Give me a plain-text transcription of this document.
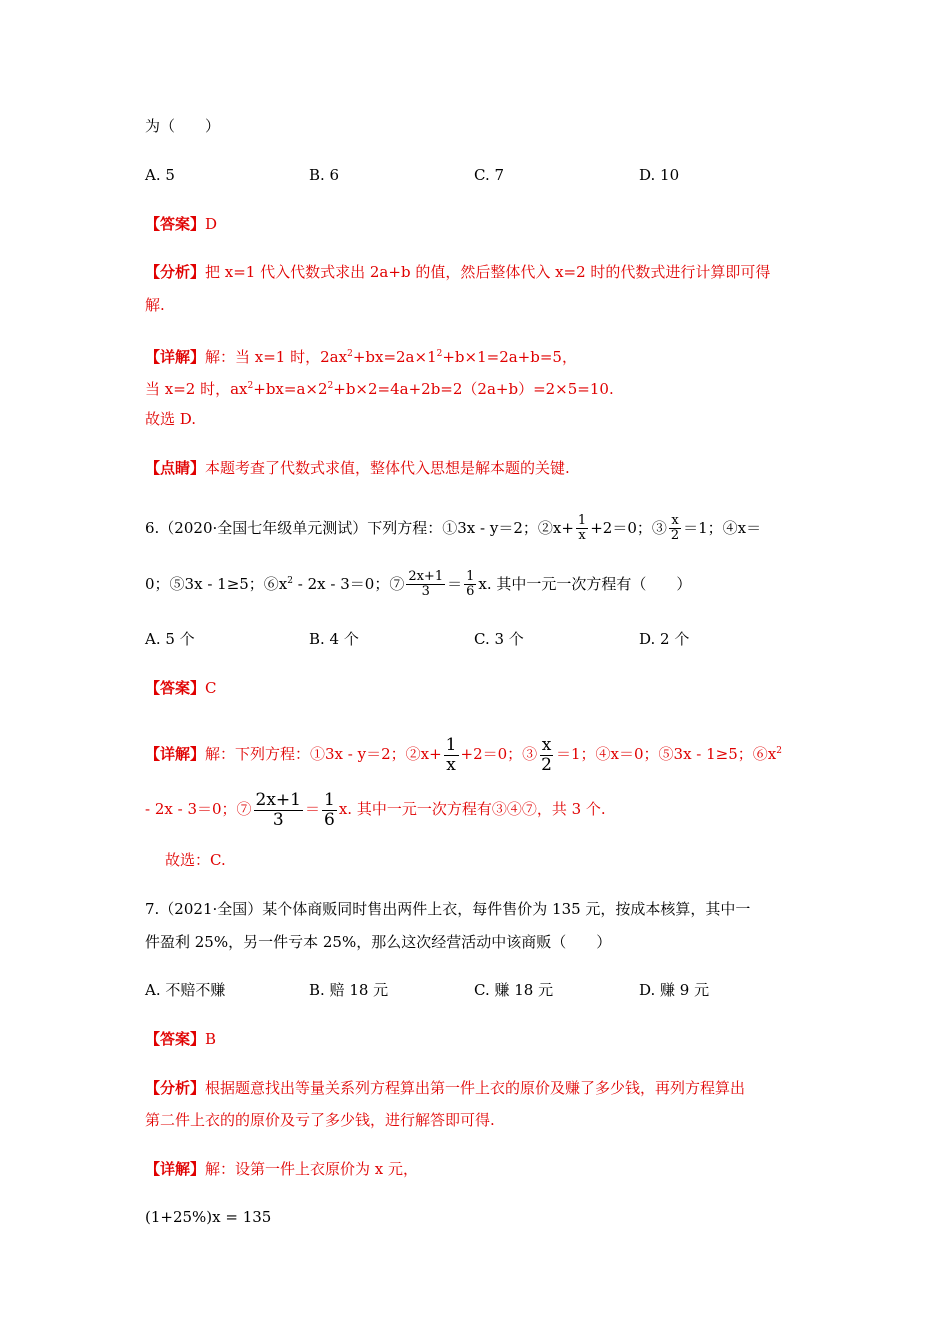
为（　　）
A. 5	B. 6	C. 7	D. 10
【答案】D
【分析】把 x=1 代入代数式求出 2a+b 的值，然后整体代入 x=2 时的代数式进行计算即可得
解.
【详解】解：当 x=1 时，$2ax^2+bx=2a\times 1^2+b\times 1=2a+b=5$，
当 x=2 时，$ax^2+bx=a\times 2^2+b\times 2=4a+2b=2(2a+b)=2\times 5=10$.
故选 D.
【点睛】本题考查了代数式求值，整体代入思想是解本题的关键.
6.（2020·全国七年级单元测试）下列方程：①3x - y＝2；②x+ $\frac{1}{x} +2=0$；③ $\frac{x}{2} =1$；④x＝
0；⑤3x - 1≥5；$⑥x^2 - 2x - 3=0$；⑦ $\frac{2x+1}{3} = \frac{1}{6} x$. 其中一元一次方程有（　　）
A. 5 个	B. 4 个	C. 3 个	D. 2 个
【答案】C
【详解】解：下列方程：①3x - y＝2；②x+ $\frac{1}{x} +2=0$；③ $\frac{x}{2} =1$；④x＝0；⑤3x - 1≥5；$⑥x^2$
- 2x - 3＝0；⑦ $\frac{2x+1}{3} = \frac{1}{6} x$. 其中一元一次方程有③④⑦，共 3 个.
故选：C.
7.（2021·全国）某个体商贩同时售出两件上衣，每件售价为 135 元，按成本核算，其中一
件盈利 25%，另一件亏本 25%，那么这次经营活动中该商贩（　　）
A. 不赔不赚	B. 赔 18 元	C. 赚 18 元	D. 赚 9 元
【答案】B
【分析】根据题意找出等量关系列方程算出第一件上衣的原价及赚了多少钱，再列方程算出
第二件上衣的的原价及亏了多少钱，进行解答即可得.
【详解】解：设第一件上衣原价为 x 元，
(1+25%)x = 135
